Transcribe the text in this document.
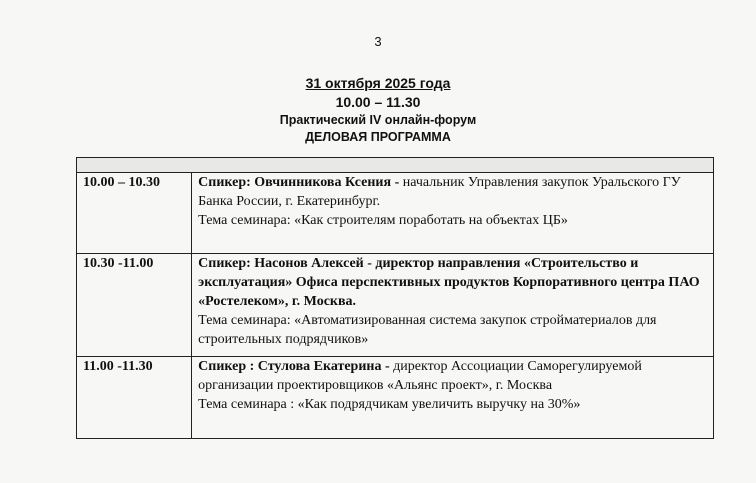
3
31 октября 2025 года
10.00 – 11.30
Практический IV онлайн-форум
ДЕЛОВАЯ ПРОГРАММА

10.00 – 10.30	Спикер: Овчинникова Ксения - начальник Управления закупок Уральского ГУ Банка России, г. Екатеринбург.
Тема семинара: «Как строителям поработать на объектах ЦБ»
10.30 -11.00	Спикер: Насонов Алексей - директор направления «Строительство и эксплуатация» Офиса перспективных продуктов Корпоративного центра ПАО «Ростелеком», г. Москва.
Тема семинара: «Автоматизированная система закупок стройматериалов для строительных подрядчиков»
11.00 -11.30	Спикер : Стулова Екатерина - директор Ассоциации Саморегулируемой организации проектировщиков «Альянс проект», г. Москва
Тема семинара : «Как подрядчикам увеличить выручку на 30%»
